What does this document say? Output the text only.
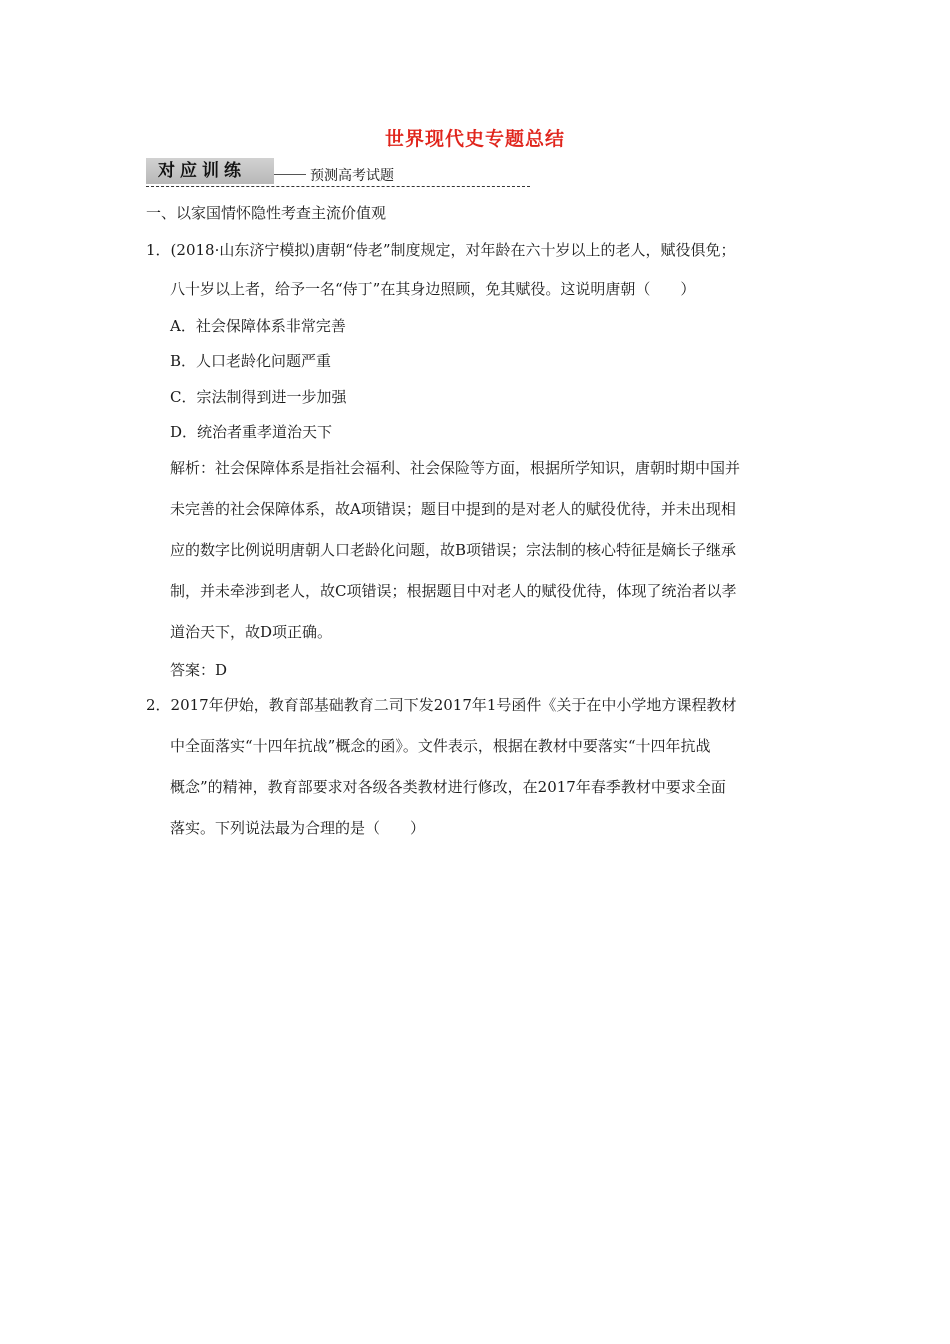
世界现代史专题总结
对应训练	预测高考试题
一、以家国情怀隐性考查主流价值观
1．(2018·山东济宁模拟)唐朝“侍老”制度规定，对年龄在六十岁以上的老人，赋役俱免；
八十岁以上者，给予一名“侍丁”在其身边照顾，免其赋役。这说明唐朝（　　）
A．社会保障体系非常完善
B．人口老龄化问题严重
C．宗法制得到进一步加强
D．统治者重孝道治天下
解析：社会保障体系是指社会福利、社会保险等方面，根据所学知识，唐朝时期中国并
未完善的社会保障体系，故A项错误；题目中提到的是对老人的赋役优待，并未出现相
应的数字比例说明唐朝人口老龄化问题，故B项错误；宗法制的核心特征是嫡长子继承
制，并未牵涉到老人，故C项错误；根据题目中对老人的赋役优待，体现了统治者以孝
道治天下，故D项正确。
答案：D
2．2017年伊始，教育部基础教育二司下发2017年1号函件《关于在中小学地方课程教材
中全面落实“十四年抗战”概念的函》。文件表示，根据在教材中要落实“十四年抗战
概念”的精神，教育部要求对各级各类教材进行修改，在2017年春季教材中要求全面
落实。下列说法最为合理的是（　　）
